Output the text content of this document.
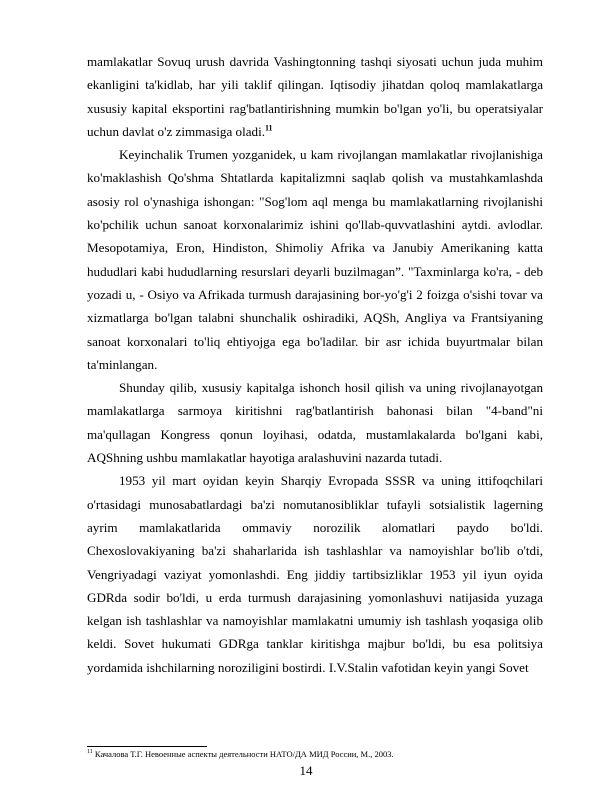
mamlakatlar Sovuq urush davrida Vashingtonning tashqi siyosati uchun juda muhim ekanligini ta'kidlab, har yili taklif qilingan. Iqtisodiy jihatdan qoloq mamlakatlarga xususiy kapital eksportini rag'batlantirishning mumkin bo'lgan yo'li, bu operatsiyalar uchun davlat o'z zimmasiga oladi.$^{11}$

Keyinchalik Trumen yozganidek, u kam rivojlangan mamlakatlar rivojlanishiga ko'maklashish Qo'shma Shtatlarda kapitalizmni saqlab qolish va mustahkamlashda asosiy rol o'ynashiga ishongan: "Sog'lom aql menga bu mamlakatlarning rivojlanishi ko'pchilik uchun sanoat korxonalarimiz ishini qo'llab-quvvatlashini aytdi. avlodlar. Mesopotamiya, Eron, Hindiston, Shimoliy Afrika va Janubiy Amerikaning katta hududlari kabi hududlarning resurslari deyarli buzilmagan”. "Taxminlarga ko'ra, - deb yozadi u, - Osiyo va Afrikada turmush darajasining bor-yo'g'i 2 foizga o'sishi tovar va xizmatlarga bo'lgan talabni shunchalik oshiradiki, AQSh, Angliya va Frantsiyaning sanoat korxonalari to'liq ehtiyojga ega bo'ladilar. bir asr ichida buyurtmalar bilan ta'minlangan.

Shunday qilib, xususiy kapitalga ishonch hosil qilish va uning rivojlanayotgan mamlakatlarga sarmoya kiritishni rag'batlantirish bahonasi bilan "4-band"ni ma'qullagan Kongress qonun loyihasi, odatda, mustamlakalarda bo'lgani kabi, AQShning ushbu mamlakatlar hayotiga aralashuvini nazarda tutadi.

1953 yil mart oyidan keyin Sharqiy Evropada SSSR va uning ittifoqchilari o'rtasidagi munosabatlardagi ba'zi nomutanosibliklar tufayli sotsialistik lagerning ayrim mamlakatlarida ommaviy norozilik alomatlari paydo bo'ldi. Chexoslovakiyaning ba'zi shaharlarida ish tashlashlar va namoyishlar bo'lib o'tdi, Vengriyadagi vaziyat yomonlashdi. Eng jiddiy tartibsizliklar 1953 yil iyun oyida GDRda sodir bo'ldi, u erda turmush darajasining yomonlashuvi natijasida yuzaga kelgan ish tashlashlar va namoyishlar mamlakatni umumiy ish tashlash yoqasiga olib keldi. Sovet hukumati GDRga tanklar kiritishga majbur bo'ldi, bu esa politsiya yordamida ishchilarning noroziligini bostirdi. I.V.Stalin vafotidan keyin yangi Sovet

$^{11}$ Качалова Т.Г. Невоенные аспекты деятельности НАТО/ДА МИД России, М., 2003.
14
